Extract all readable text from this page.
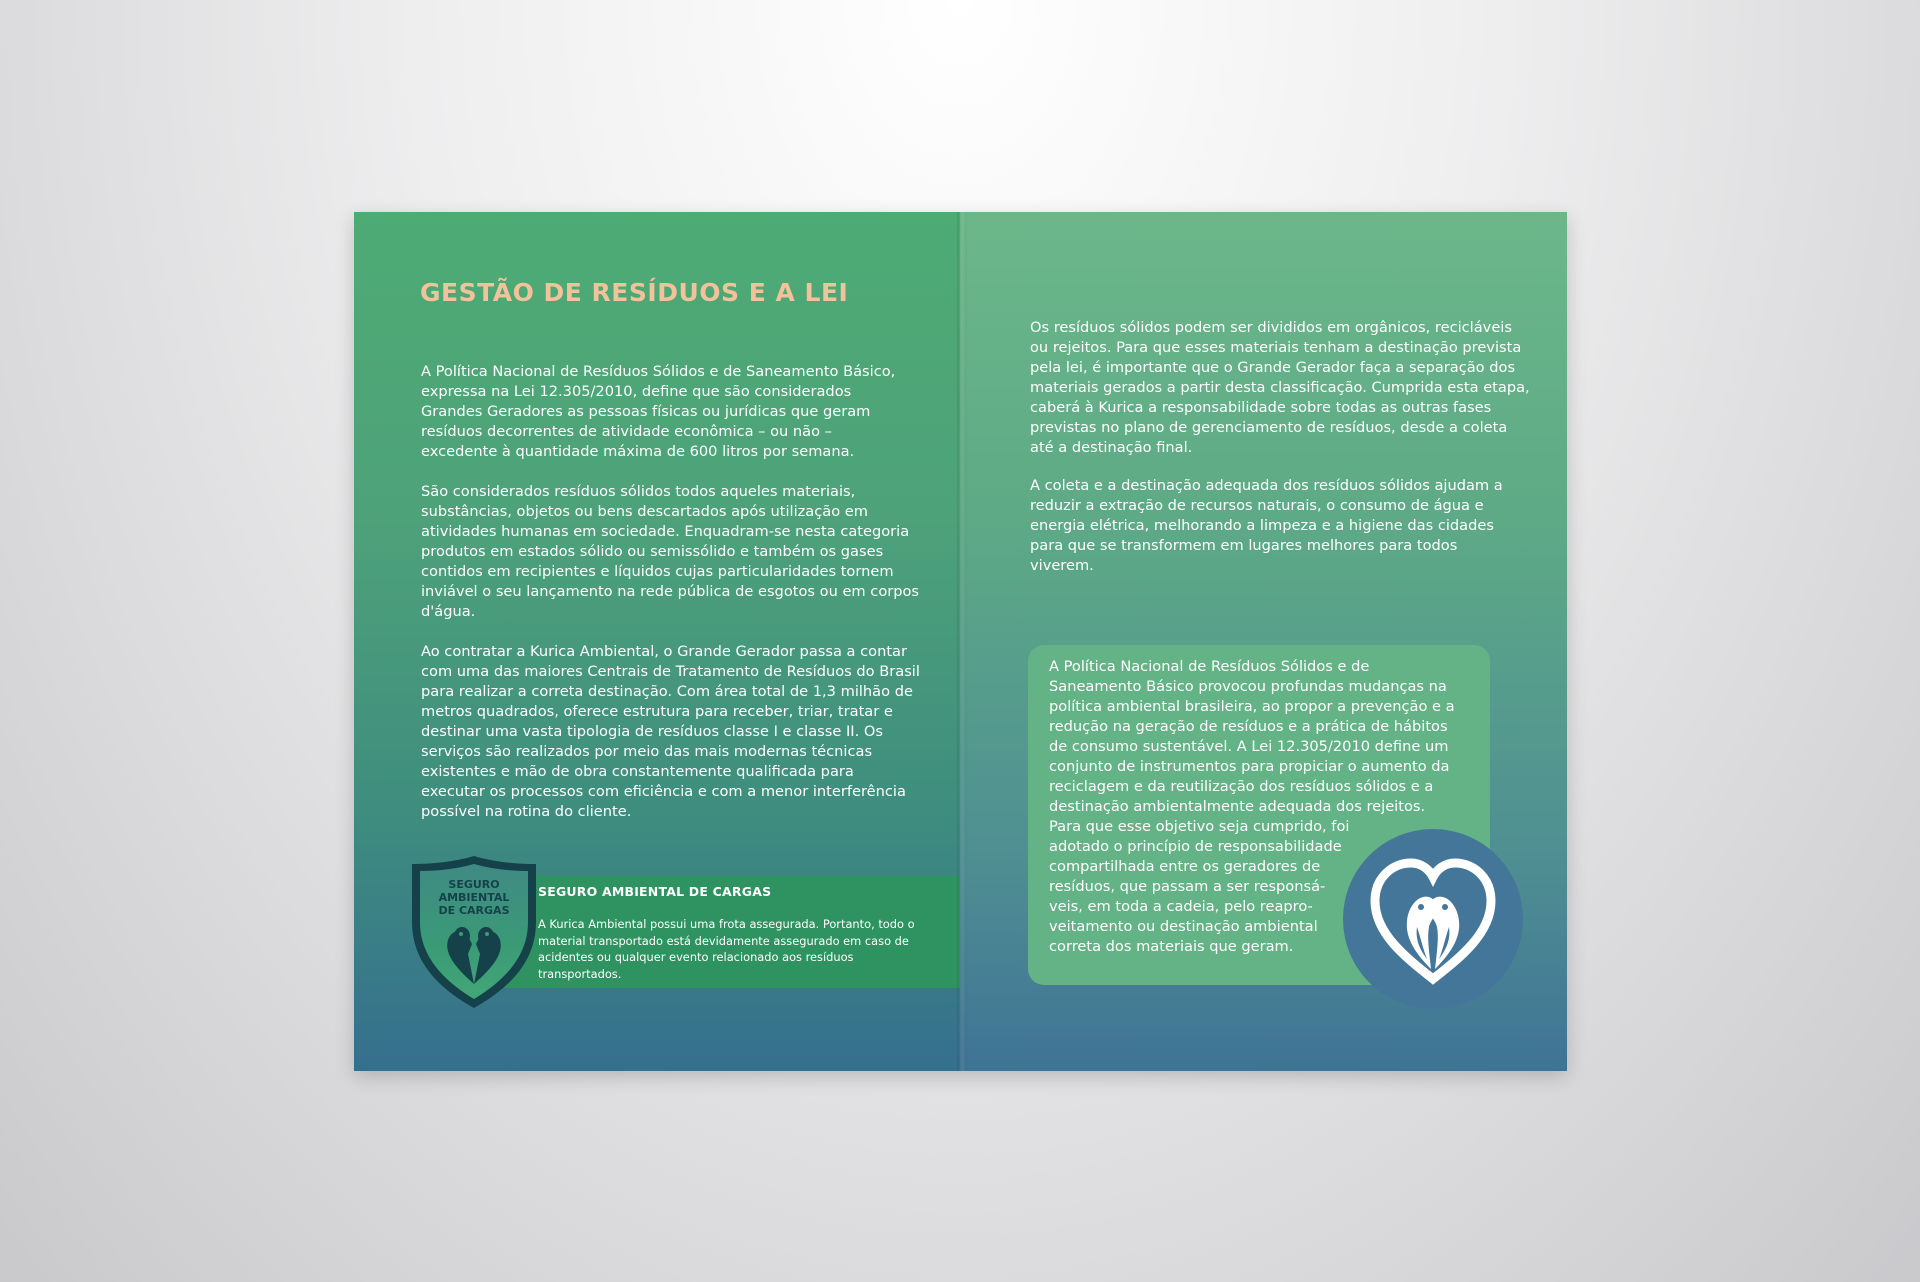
GESTÃO DE RESÍDUOS E A LEI

A Política Nacional de Resíduos Sólidos e de Saneamento Básico, expressa na Lei 12.305/2010, define que são considerados Grandes Geradores as pessoas físicas ou jurídicas que geram resíduos decorrentes de atividade econômica – ou não – excedente à quantidade máxima de 600 litros por semana.

São considerados resíduos sólidos todos aqueles materiais, substâncias, objetos ou bens descartados após utilização em atividades humanas em sociedade. Enquadram-se nesta categoria produtos em estados sólido ou semissólido e também os gases contidos em recipientes e líquidos cujas particularidades tornem inviável o seu lançamento na rede pública de esgotos ou em corpos d'água.

Ao contratar a Kurica Ambiental, o Grande Gerador passa a contar com uma das maiores Centrais de Tratamento de Resíduos do Brasil para realizar a correta destinação. Com área total de 1,3 milhão de metros quadrados, oferece estrutura para receber, triar, tratar e destinar uma vasta tipologia de resíduos classe I e classe II. Os serviços são realizados por meio das mais modernas técnicas existentes e mão de obra constantemente qualificada para executar os processos com eficiência e com a menor interferência possível na rotina do cliente.

SEGURO AMBIENTAL DE CARGAS

A Kurica Ambiental possui uma frota assegurada. Portanto, todo o material transportado está devidamente assegurado em caso de acidentes ou qualquer evento relacionado aos resíduos transportados.

SEGURO
AMBIENTAL
DE CARGAS

Os resíduos sólidos podem ser divididos em orgânicos, recicláveis ou rejeitos. Para que esses materiais tenham a destinação prevista pela lei, é importante que o Grande Gerador faça a separação dos materiais gerados a partir desta classificação. Cumprida esta etapa, caberá à Kurica a responsabilidade sobre todas as outras fases previstas no plano de gerenciamento de resíduos, desde a coleta até a destinação final.

A coleta e a destinação adequada dos resíduos sólidos ajudam a reduzir a extração de recursos naturais, o consumo de água e energia elétrica, melhorando a limpeza e a higiene das cidades para que se transformem em lugares melhores para todos viverem.

A Política Nacional de Resíduos Sólidos e de
Saneamento Básico provocou profundas mudanças na
política ambiental brasileira, ao propor a prevenção e a
redução na geração de resíduos e a prática de hábitos
de consumo sustentável. A Lei 12.305/2010 define um
conjunto de instrumentos para propiciar o aumento da
reciclagem e da reutilização dos resíduos sólidos e a
destinação ambientalmente adequada dos rejeitos.
Para que esse objetivo seja cumprido, foi
adotado o princípio de responsabilidade
compartilhada entre os geradores de
resíduos, que passam a ser responsá-
veis, em toda a cadeia, pelo reapro-
veitamento ou destinação ambiental
correta dos materiais que geram.
